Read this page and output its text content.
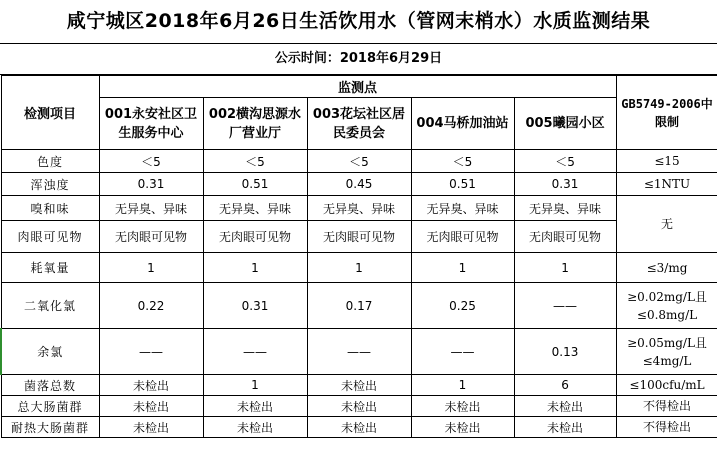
咸宁城区2018年6月26日生活饮用水（管网末梢水）水质监测结果
公示时间：2018年6月29日
检测项目	监测点					GB5749-2006中限制
	001永安社区卫生服务中心	002横沟思源水厂营业厅	003花坛社区居民委员会	004马桥加油站	005曦园小区	
色度	＜5	＜5	＜5	＜5	＜5	≤15
浑浊度	0.31	0.51	0.45	0.51	0.31	≤1NTU
嗅和味	无异臭、异味	无异臭、异味	无异臭、异味	无异臭、异味	无异臭、异味	无
肉眼可见物	无肉眼可见物	无肉眼可见物	无肉眼可见物	无肉眼可见物	无肉眼可见物	
耗氧量	1	1	1	1	1	≤3/mg
二氧化氯	0.22	0.31	0.17	0.25	——	≥0.02mg/L且≤0.8mg/L
余氯	——	——	——	——	0.13	≥0.05mg/L且≤4mg/L
菌落总数	未检出	1	未检出	1	6	≤100cfu/mL
总大肠菌群	未检出	未检出	未检出	未检出	未检出	不得检出
耐热大肠菌群	未检出	未检出	未检出	未检出	未检出	不得检出
